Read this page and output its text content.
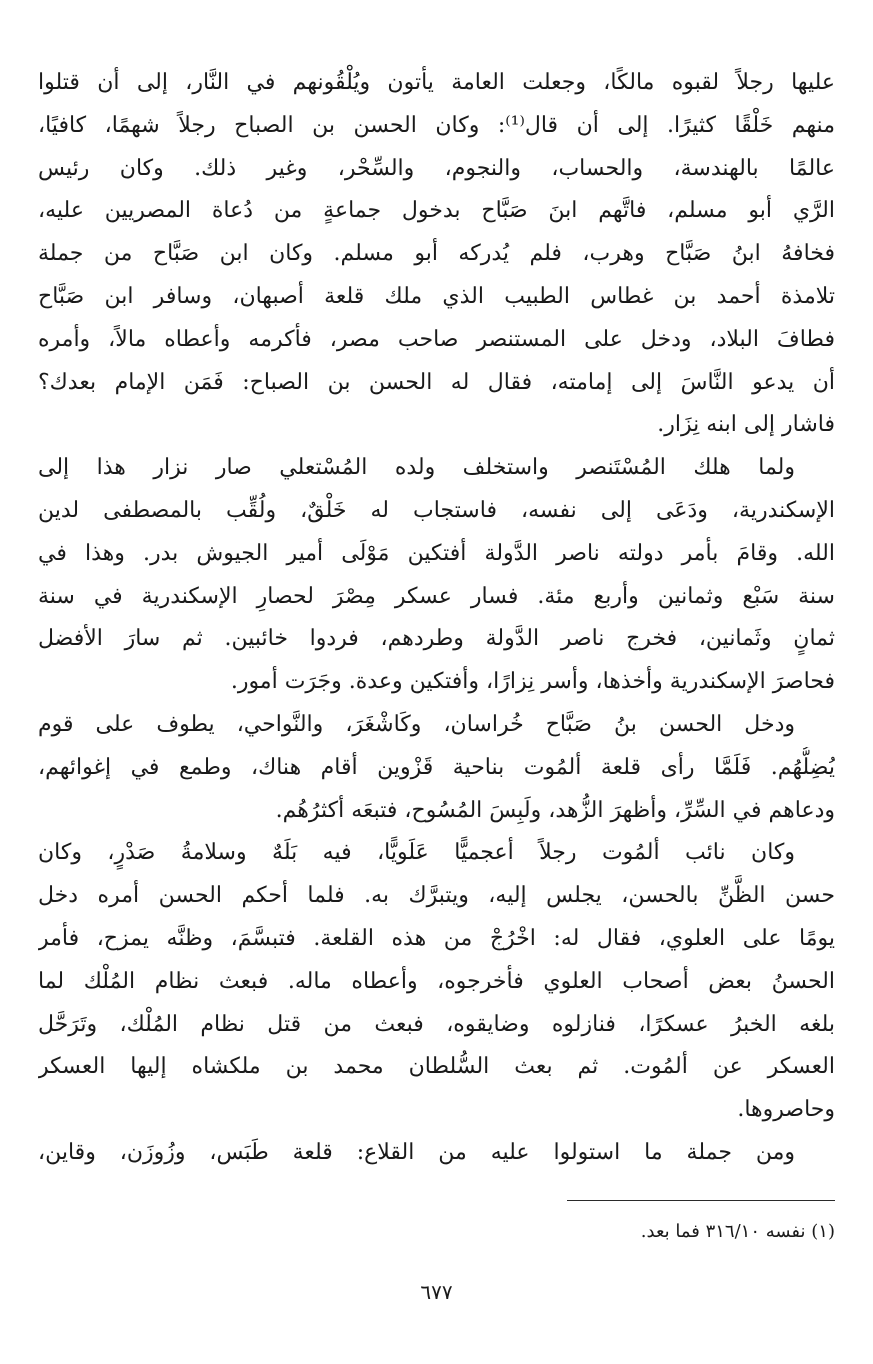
عليها رجلاً لقبوه مالكًا، وجعلت العامة يأتون ويُلْقُونهم في النَّار، إلى أن قتلوا
منهم خَلْقًا كثيرًا. إلى أن قال⁽¹⁾: وكان الحسن بن الصباح رجلاً شهمًا، كافيًا،
عالمًا بالهندسة، والحساب، والنجوم، والسِّحْر، وغير ذلك. وكان رئيس
الرَّي أبو مسلم، فاتَّهم ابنَ صَبَّاح بدخول جماعةٍ من دُعاة المصريين عليه،
فخافهُ ابنُ صَبَّاح وهرب، فلم يُدركه أبو مسلم. وكان ابن صَبَّاح من جملة
تلامذة أحمد بن غطاس الطبيب الذي ملك قلعة أصبهان، وسافر ابن صَبَّاح
فطافَ البلاد، ودخل على المستنصر صاحب مصر، فأكرمه وأعطاه مالاً، وأمره
أن يدعو النَّاسَ إلى إمامته، فقال له الحسن بن الصباح: فَمَن الإمام بعدك؟
فاشار إلى ابنه نِزَار.
ولما هلك المُسْتَنصر واستخلف ولده المُسْتعلي صار نزار هذا إلى
الإسكندرية، ودَعَى إلى نفسه، فاستجاب له خَلْقٌ، ولُقِّب بالمصطفى لدين
الله. وقامَ بأمر دولته ناصر الدَّولة أفتكين مَوْلَى أمير الجيوش بدر. وهذا في
سنة سَبْع وثمانين وأربع مئة. فسار عسكر مِصْرَ لحصارِ الإسكندرية في سنة
ثمانٍ وثَمانين، فخرج ناصر الدَّولة وطردهم، فردوا خائبين. ثم سارَ الأفضل
فحاصرَ الإسكندرية وأخذها، وأسر نِزارًا، وأفتكين وعدة. وجَرَت أمور.
ودخل الحسن بنُ صَبَّاح خُراسان، وكَاشْغَرَ، والنَّواحي، يطوف على قوم
يُضِلُّهُم. فَلَمَّا رأى قلعة ألمُوت بناحية قَزْوين أقام هناك، وطمع في إغوائهم،
ودعاهم في السِّرِّ، وأظهرَ الزُّهد، ولَبِسَ المُسُوح، فتبعَه أكثرُهُم.
وكان نائب ألمُوت رجلاً أعجميًّا عَلَويًّا، فيه بَلَهٌ وسلامةُ صَدْرٍ، وكان
حسن الظَّنِّ بالحسن، يجلس إليه، ويتبرَّك به. فلما أحكم الحسن أمره دخل
يومًا على العلوي، فقال له: اخْرُجْ من هذه القلعة. فتبسَّمَ، وظنَّه يمزح، فأمر
الحسنُ بعض أصحاب العلوي فأخرجوه، وأعطاه ماله. فبعث نظام المُلْك لما
بلغه الخبرُ عسكرًا، فنازلوه وضايقوه، فبعث من قتل نظام المُلْك، وتَرَحَّل
العسكر عن ألمُوت. ثم بعث السُّلطان محمد بن ملكشاه إليها العسكر
وحاصروها.
ومن جملة ما استولوا عليه من القلاع: قلعة طَبَس، وزُوزَن، وقاين،
(١) نفسه ٣١٦/١٠ فما بعد.
٦٧٧
